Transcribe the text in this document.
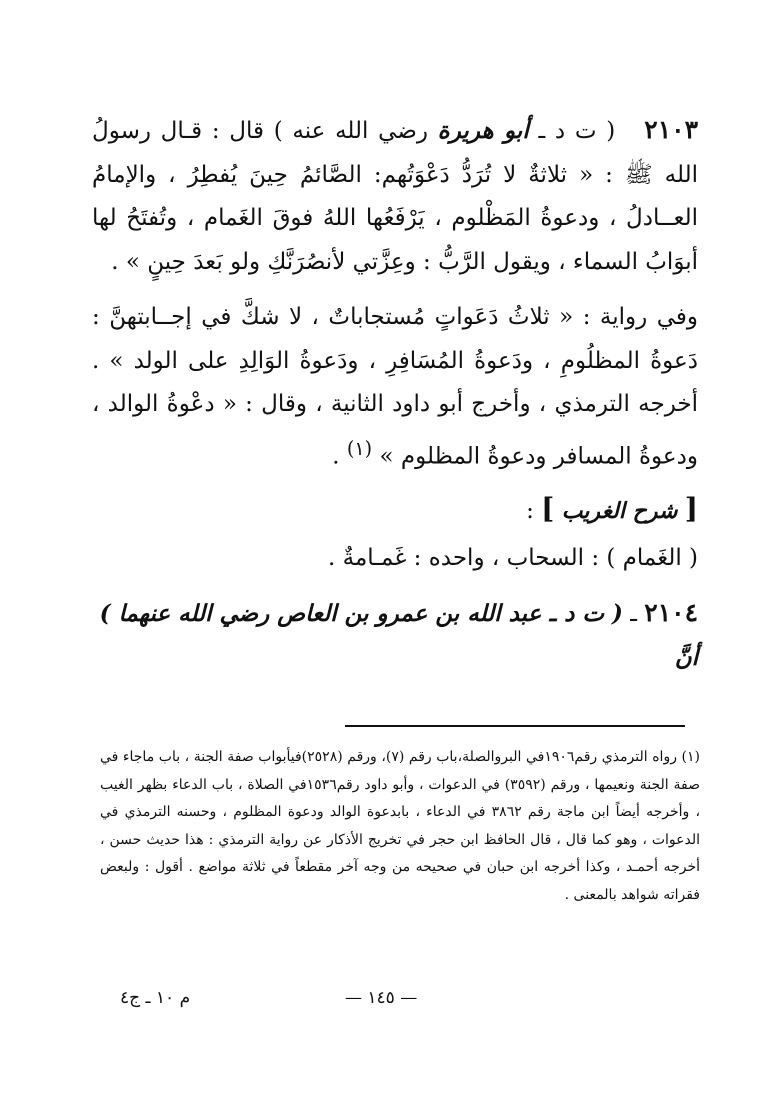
٢١٠٣   ( ت د ـ أبو هريرة رضي الله عنه ) قال : قـال رسولُ الله ﷺ : « ثلاثةٌ لا تُرَدُّ دَعْوَتُهم: الصَّائمُ حِينَ يُفطِرُ ، والإمامُ العــادلُ ، ودعوةُ المَظْلوم ، يَرْفَعُها اللهُ فوقَ الغَمام ، وتُفتَحُ لها أبوَابُ السماء ، ويقول الرَّبُّ : وعِزَّتي لأنصُرَنَّكِ ولو بَعدَ حِينٍ » .

وفي رواية : « ثلاثُ دَعَواتٍ مُستجاباتٌ ، لا شكَّ في إجــابتهنَّ : دَعوةُ المظلُومِ ، ودَعوةُ المُسَافِرِ ، ودَعوةُ الوَالِدِ على الولد » . أخرجه الترمذي ، وأخرج أبو داود الثانية ، وقال : « دعْوةُ الوالد ، ودعوةُ المسافر ودعوةُ المظلوم » $^{(١)}$ .

[ شرح الغريب ] :

( الغَمام ) : السحاب ، واحده : غَمـامةٌ .

٢١٠٤ ـ ( ت د ـ عبد الله بن عمرو بن العاص رضي الله عنهما ) أنَّ

(١) رواه الترمذي رقم١٩٠٦في البروالصلة،باب رقم (٧)، ورقم (٢٥٢٨)فيأبواب صفة الجنة ، باب ماجاء في صفة الجنة ونعيمها ، ورقم (٣٥٩٢) في الدعوات ، وأبو داود رقم١٥٣٦في الصلاة ، باب الدعاء بظهر الغيب ، وأخرجه أيضاً ابن ماجة رقم ٣٨٦٢ في الدعاء ، بابدعوة الوالد ودعوة المظلوم ، وحسنه الترمذي في الدعوات ، وهو كما قال ، قال الحافظ ابن حجر في تخريج الأذكار عن رواية الترمذي : هذا حديث حسن ، أخرجه أحمـد ، وكذا أخرجه ابن حبان في صحيحه من وجه آخر مقطعاً في ثلاثة مواضع . أقول : ولبعض فقراته شواهد بالمعنى .

— ١٤٥ —
م ١٠ ـ ج٤
